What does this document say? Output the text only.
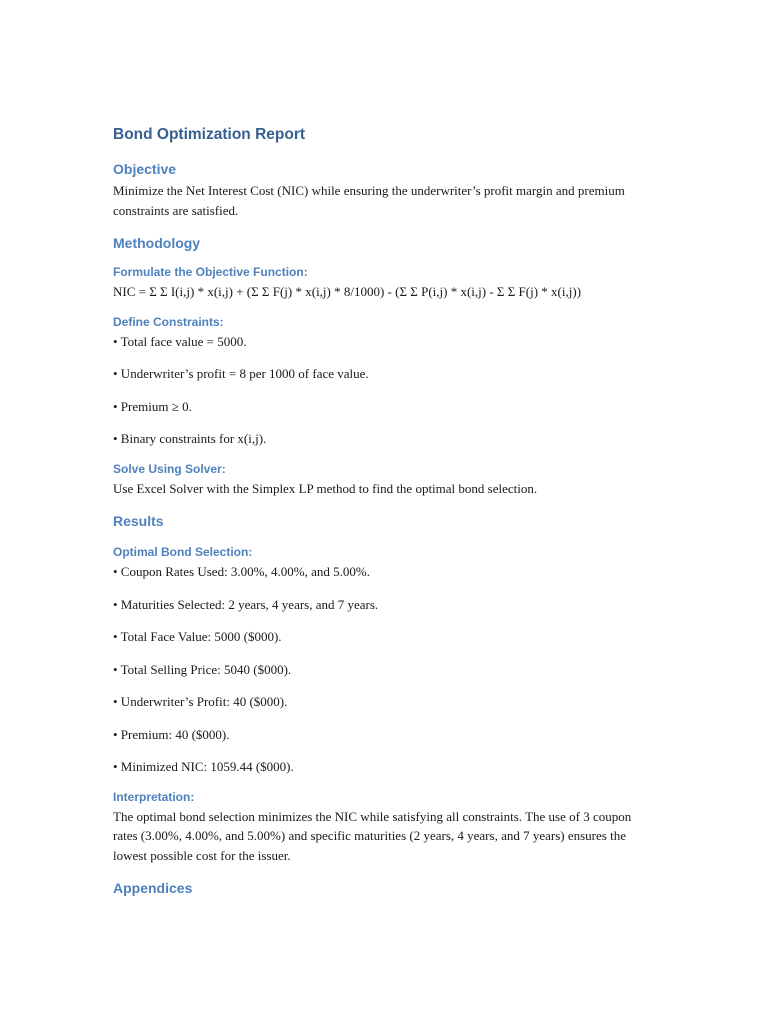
Bond Optimization Report
Objective

Minimize the Net Interest Cost (NIC) while ensuring the underwriter’s profit margin and premium constraints are satisfied.

Methodology
Formulate the Objective Function:

NIC = Σ Σ I(i,j) * x(i,j) + (Σ Σ F(j) * x(i,j) * 8/1000) - (Σ Σ P(i,j) * x(i,j) - Σ Σ F(j) * x(i,j))

Define Constraints:

• Total face value = 5000.

• Underwriter’s profit = 8 per 1000 of face value.

• Premium ≥ 0.

• Binary constraints for x(i,j).

Solve Using Solver:

Use Excel Solver with the Simplex LP method to find the optimal bond selection.

Results
Optimal Bond Selection:

• Coupon Rates Used: 3.00%, 4.00%, and 5.00%.

• Maturities Selected: 2 years, 4 years, and 7 years.

• Total Face Value: 5000 ($000).

• Total Selling Price: 5040 ($000).

• Underwriter’s Profit: 40 ($000).

• Premium: 40 ($000).

• Minimized NIC: 1059.44 ($000).

Interpretation:

The optimal bond selection minimizes the NIC while satisfying all constraints. The use of 3 coupon rates (3.00%, 4.00%, and 5.00%) and specific maturities (2 years, 4 years, and 7 years) ensures the lowest possible cost for the issuer.

Appendices
